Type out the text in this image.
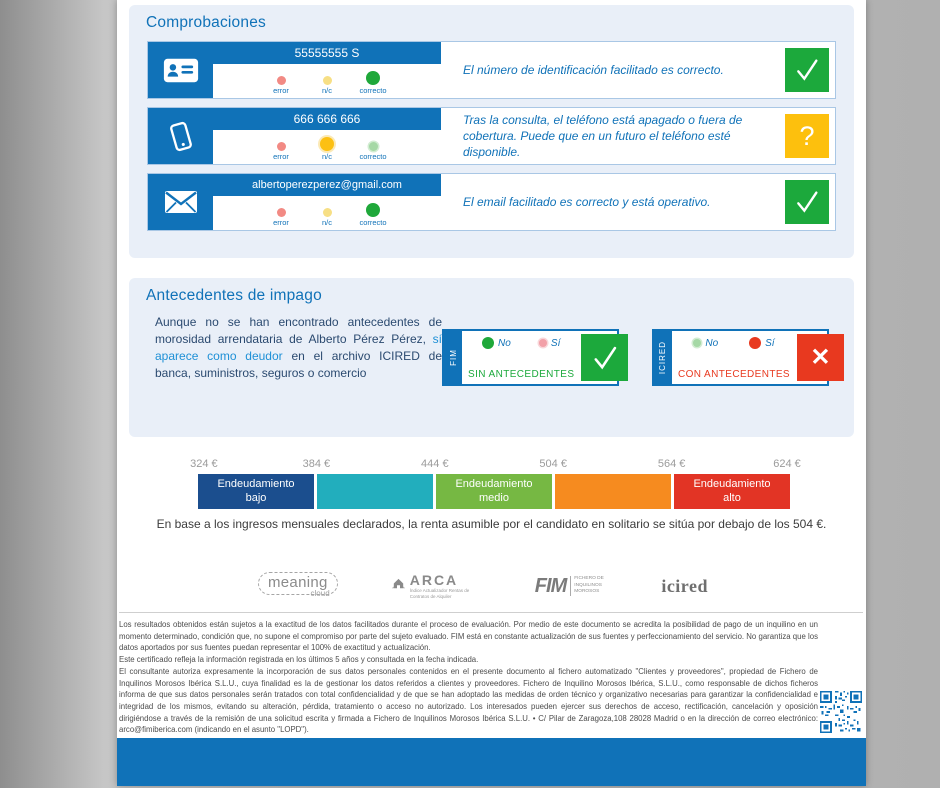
Comprobaciones
55555555 S
error	n/c	correcto

El número de identificación facilitado es correcto.

666 666 666
error	n/c	correcto

Tras la consulta, el teléfono está apagado o fuera de cobertura. Puede que en un futuro el teléfono esté disponible.

?
albertoperezperez@gmail.com
error	n/c	correcto

El email facilitado es correcto y está operativo.

Antecedentes de impago

Aunque no se han encontrado antecedentes de morosidad arrendataria de Alberto Pérez Pérez, sí aparece como deudor en el archivo ICIRED de banca, suministros, seguros o comercio

FIM
No	Sí
SIN ANTECEDENTES
ICIRED	No	Sí
CON ANTECEDENTES
✕
324 €	384 €	444 €	504 €	564 €	624 €
Endeudamiento
bajo
Endeudamiento
medio
Endeudamiento
alto

En base a los ingresos mensuales declarados, la renta asumible por el candidato en solitario se sitúa por debajo de los 504 €.

meaning
cloud
ARCA
Índice Actualizador Rentas de Contratos de Alquiler	FIM	FICHERO DE INQUILINOS MOROSOS	icired

Los resultados obtenidos están sujetos a la exactitud de los datos facilitados durante el proceso de evaluación. Por medio de este documento se acredita la posibilidad de pago de un inquilino en un momento determinado, condición que, no supone el compromiso por parte del sujeto evaluado. FIM está en constante actualización de sus fuentes y perfeccionamiento del servicio. No garantiza que los datos aportados por sus fuentes puedan representar el 100% de exactitud y actualización.

Este certificado refleja la información registrada en los últimos 5 años y consultada en la fecha indicada.

El consultante autoriza expresamente la incorporación de sus datos personales contenidos en el presente documento al fichero automatizado "Clientes y proveedores", propiedad de Fichero de Inquilinos Morosos Ibérica S.L.U., cuya finalidad es la de gestionar los datos referidos a clientes y proveedores. Fichero de Inquilino Morosos Ibérica, S.L.U., como responsable de dichos ficheros informa de que sus datos personales serán tratados con total confidencialidad y de que se han adoptado las medidas de orden técnico y organizativo necesarias para garantizar la confidencialidad e integridad de los mismos, evitando su alteración, pérdida, tratamiento o acceso no autorizado. Los interesados pueden ejercer sus derechos de acceso, rectificación, cancelación y oposición dirigiéndose a través de la remisión de una solicitud escrita y firmada a Fichero de Inquilinos Morosos Ibérica S.L.U. • C/ Pilar de Zaragoza,108 28028 Madrid o en la dirección de correo electrónico: arco@fimiberica.com (indicando en el asunto "LOPD").
